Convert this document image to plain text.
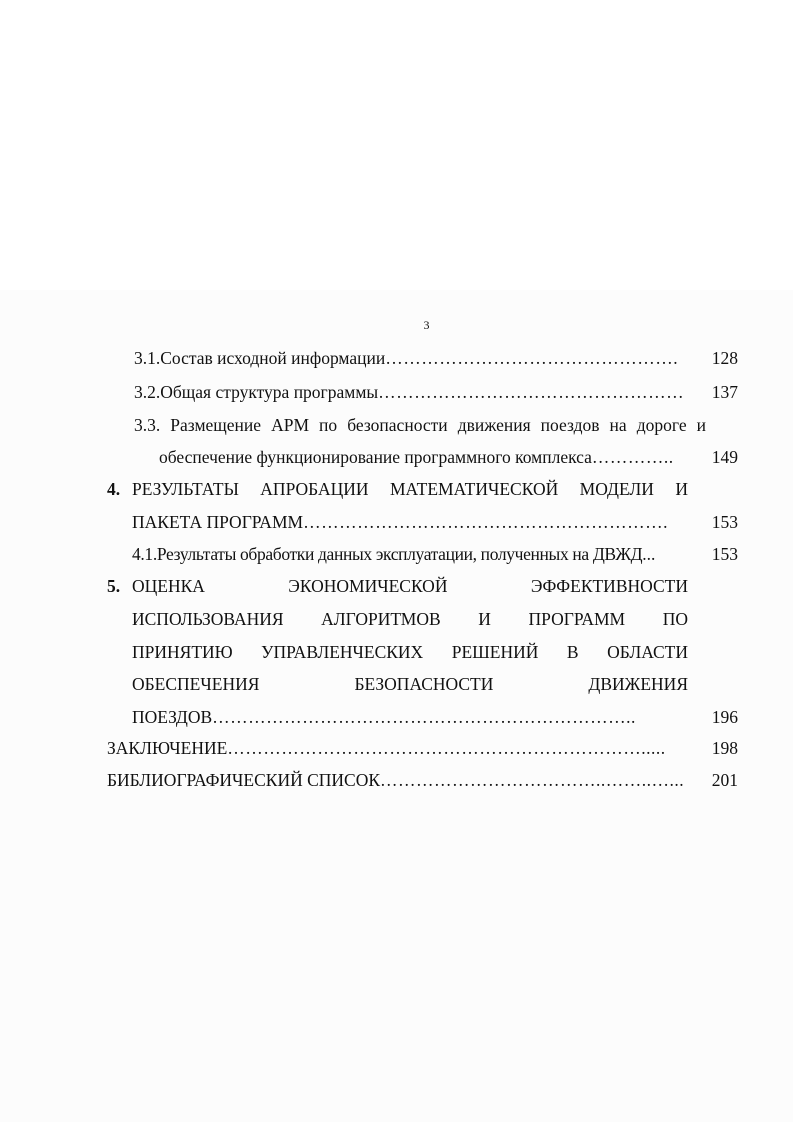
3
3.1.Состав исходной информации ………………………………………….	128
3.2.Общая структура программы ……………………………………………	137
3.3. Размещение АРМ по безопасности движения поездов на дороге и
обеспечение функционирование программного комплекса …………..	149
4. РЕЗУЛЬТАТЫ АПРОБАЦИИ МАТЕМАТИЧЕСКОЙ МОДЕЛИ И
ПАКЕТА ПРОГРАММ …………………………………………………….	153
4.1.Результаты обработки данных эксплуатации, полученных на ДВЖД ...	153
5. ОЦЕНКА ЭКОНОМИЧЕСКОЙ ЭФФЕКТИВНОСТИ
ИСПОЛЬЗОВАНИЯ АЛГОРИТМОВ И ПРОГРАММ ПО
ПРИНЯТИЮ УПРАВЛЕНЧЕСКИХ РЕШЕНИЙ В ОБЛАСТИ
ОБЕСПЕЧЕНИЯ БЕЗОПАСНОСТИ ДВИЖЕНИЯ
ПОЕЗДОВ ……………………………………………………………..	196
ЗАКЛЮЧЕНИЕ …………………………………………………………….....	198
БИБЛИОГРАФИЧЕСКИЙ СПИСОК ………………………………..……..…...	201
